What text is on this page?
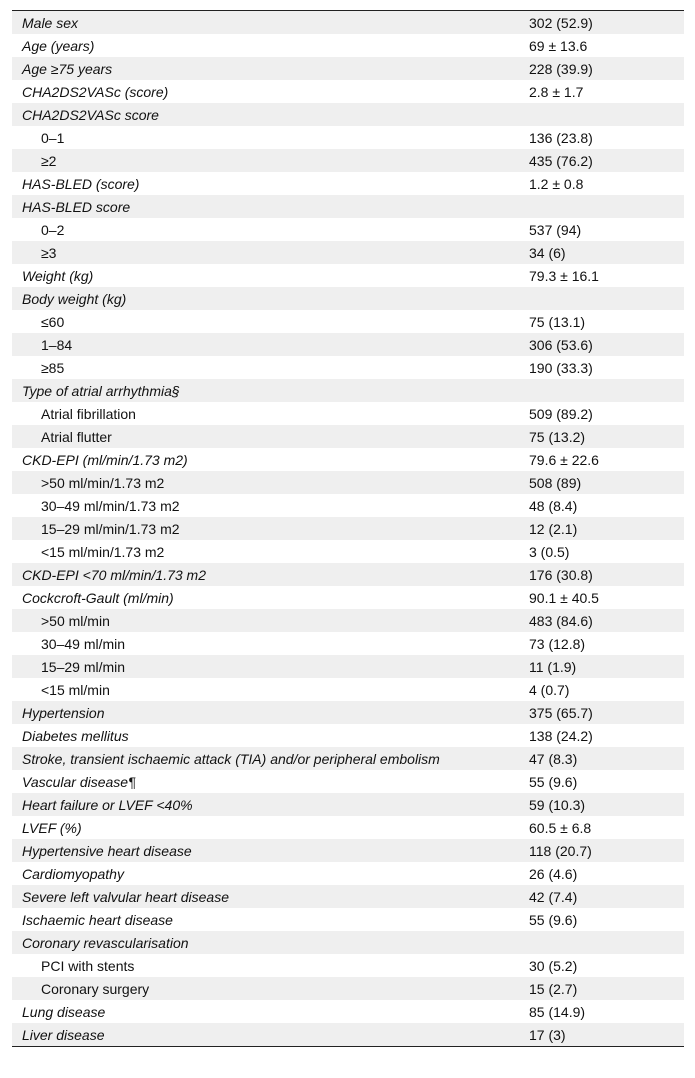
Male sex	302 (52.9)
Age (years)	69 ± 13.6
Age ≥75 years	228 (39.9)
CHA2DS2VASc (score)	2.8 ± 1.7
CHA2DS2VASc score
0–1	136 (23.8)
≥2	435 (76.2)
HAS-BLED (score)	1.2 ± 0.8
HAS-BLED score
0–2	537 (94)
≥3	34 (6)
Weight (kg)	79.3 ± 16.1
Body weight (kg)
≤60	75 (13.1)
1–84	306 (53.6)
≥85	190 (33.3)
Type of atrial arrhythmia§
Atrial fibrillation	509 (89.2)
Atrial flutter	75 (13.2)
CKD-EPI (ml/min/1.73 m2)	79.6 ± 22.6
>50 ml/min/1.73 m2	508 (89)
30–49 ml/min/1.73 m2	48 (8.4)
15–29 ml/min/1.73 m2	12 (2.1)
<15 ml/min/1.73 m2	3 (0.5)
CKD-EPI <70 ml/min/1.73 m2	176 (30.8)
Cockcroft-Gault (ml/min)	90.1 ± 40.5
>50 ml/min	483 (84.6)
30–49 ml/min	73 (12.8)
15–29 ml/min	11 (1.9)
<15 ml/min	4 (0.7)
Hypertension	375 (65.7)
Diabetes mellitus	138 (24.2)
Stroke, transient ischaemic attack (TIA) and/or peripheral embolism	47 (8.3)
Vascular disease¶	55 (9.6)
Heart failure or LVEF <40%	59 (10.3)
LVEF (%)	60.5 ± 6.8
Hypertensive heart disease	118 (20.7)
Cardiomyopathy	26 (4.6)
Severe left valvular heart disease	42 (7.4)
Ischaemic heart disease	55 (9.6)
Coronary revascularisation
PCI with stents	30 (5.2)
Coronary surgery	15 (2.7)
Lung disease	85 (14.9)
Liver disease	17 (3)
